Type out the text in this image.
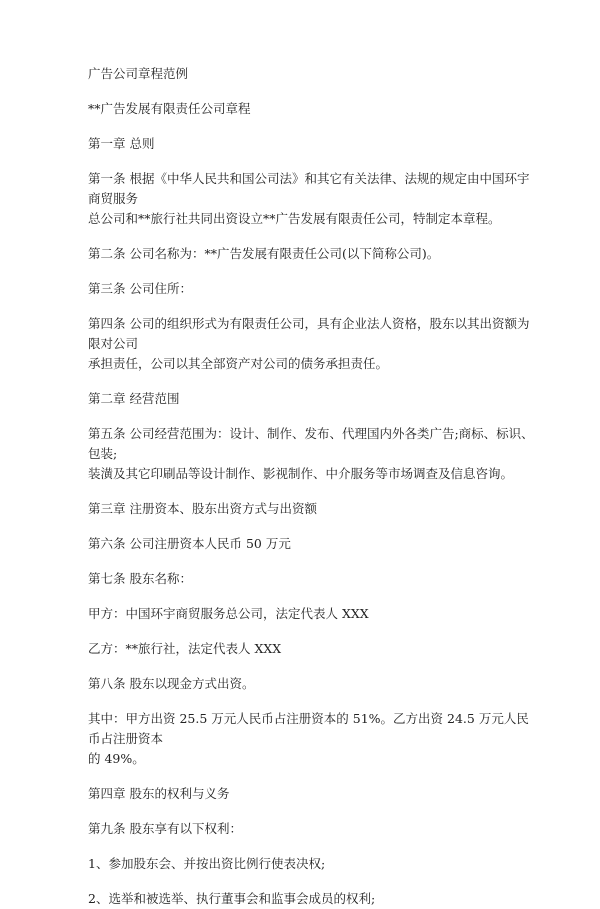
广告公司章程范例

**广告发展有限责任公司章程

第一章 总则

第一条 根据《中华人民共和国公司法》和其它有关法律、法规的规定由中国环宇商贸服务

总公司和**旅行社共同出资设立**广告发展有限责任公司，特制定本章程。

第二条 公司名称为：**广告发展有限责任公司(以下简称公司)。

第三条 公司住所：

第四条 公司的组织形式为有限责任公司，具有企业法人资格，股东以其出资额为限对公司

承担责任，公司以其全部资产对公司的债务承担责任。

第二章 经营范围

第五条 公司经营范围为：设计、制作、发布、代理国内外各类广告;商标、标识、包装;

装潢及其它印刷品等设计制作、影视制作、中介服务等市场调查及信息咨询。

第三章 注册资本、股东出资方式与出资额

第六条 公司注册资本人民币 50 万元

第七条 股东名称：

甲方：中国环宇商贸服务总公司，法定代表人 XXX

乙方：**旅行社，法定代表人 XXX

第八条 股东以现金方式出资。

其中：甲方出资 25.5 万元人民币占注册资本的 51%。乙方出资 24.5 万元人民币占注册资本

的 49%。

第四章 股东的权利与义务

第九条 股东享有以下权利：

1、参加股东会、并按出资比例行使表决权;

2、选举和被选举、执行董事会和监事会成员的权利;
